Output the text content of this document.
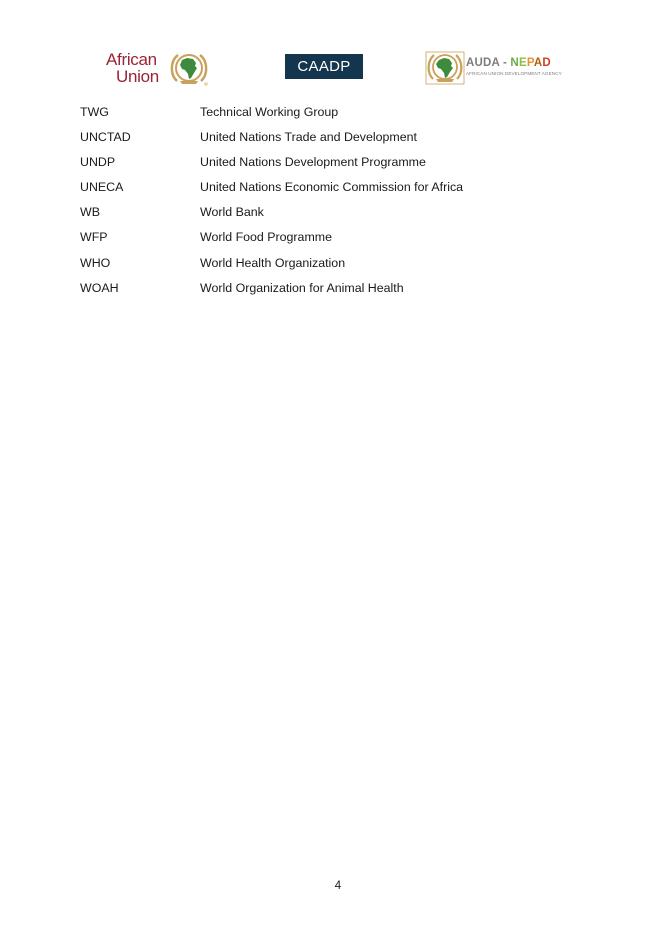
African
Union
CAADP	AUDA - NEPAD
AFRICAN UNION DEVELOPMENT AGENCY
TWG	Technical Working Group
UNCTAD	United Nations Trade and Development
UNDP	United Nations Development Programme
UNECA	United Nations Economic Commission for Africa
WB	World Bank
WFP	World Food Programme
WHO	World Health Organization
WOAH	World Organization for Animal Health
4
